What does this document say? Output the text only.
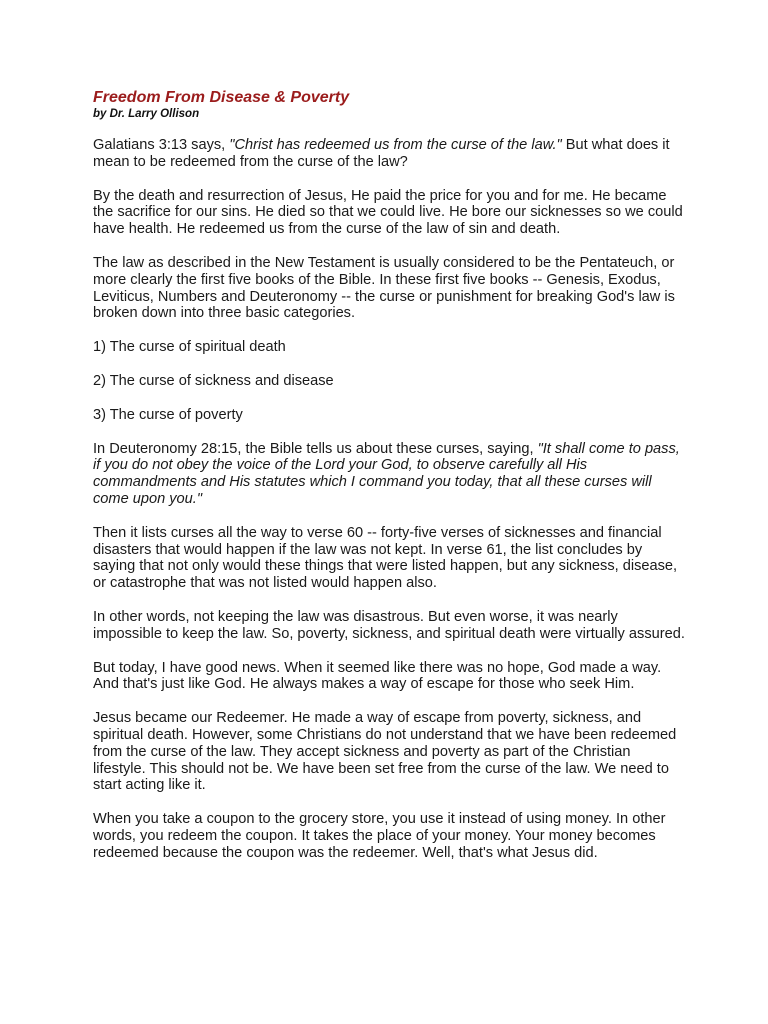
Freedom From Disease & Poverty

by Dr. Larry Ollison

Galatians 3:13 says, "Christ has redeemed us from the curse of the law." But what does it mean to be redeemed from the curse of the law?

By the death and resurrection of Jesus, He paid the price for you and for me. He became the sacrifice for our sins. He died so that we could live. He bore our sicknesses so we could have health. He redeemed us from the curse of the law of sin and death.

The law as described in the New Testament is usually considered to be the Pentateuch, or more clearly the first five books of the Bible. In these first five books -- Genesis, Exodus, Leviticus, Numbers and Deuteronomy -- the curse or punishment for breaking God's law is broken down into three basic categories.

1) The curse of spiritual death

2) The curse of sickness and disease

3) The curse of poverty

In Deuteronomy 28:15, the Bible tells us about these curses, saying, "It shall come to pass, if you do not obey the voice of the Lord your God, to observe carefully all His commandments and His statutes which I command you today, that all these curses will come upon you."

Then it lists curses all the way to verse 60 -- forty-five verses of sicknesses and financial disasters that would happen if the law was not kept. In verse 61, the list concludes by saying that not only would these things that were listed happen, but any sickness, disease, or catastrophe that was not listed would happen also.

In other words, not keeping the law was disastrous. But even worse, it was nearly impossible to keep the law. So, poverty, sickness, and spiritual death were virtually assured.

But today, I have good news. When it seemed like there was no hope, God made a way. And that's just like God. He always makes a way of escape for those who seek Him.

Jesus became our Redeemer. He made a way of escape from poverty, sickness, and spiritual death. However, some Christians do not understand that we have been redeemed from the curse of the law. They accept sickness and poverty as part of the Christian lifestyle. This should not be. We have been set free from the curse of the law. We need to start acting like it.

When you take a coupon to the grocery store, you use it instead of using money. In other words, you redeem the coupon. It takes the place of your money. Your money becomes redeemed because the coupon was the redeemer. Well, that's what Jesus did.
